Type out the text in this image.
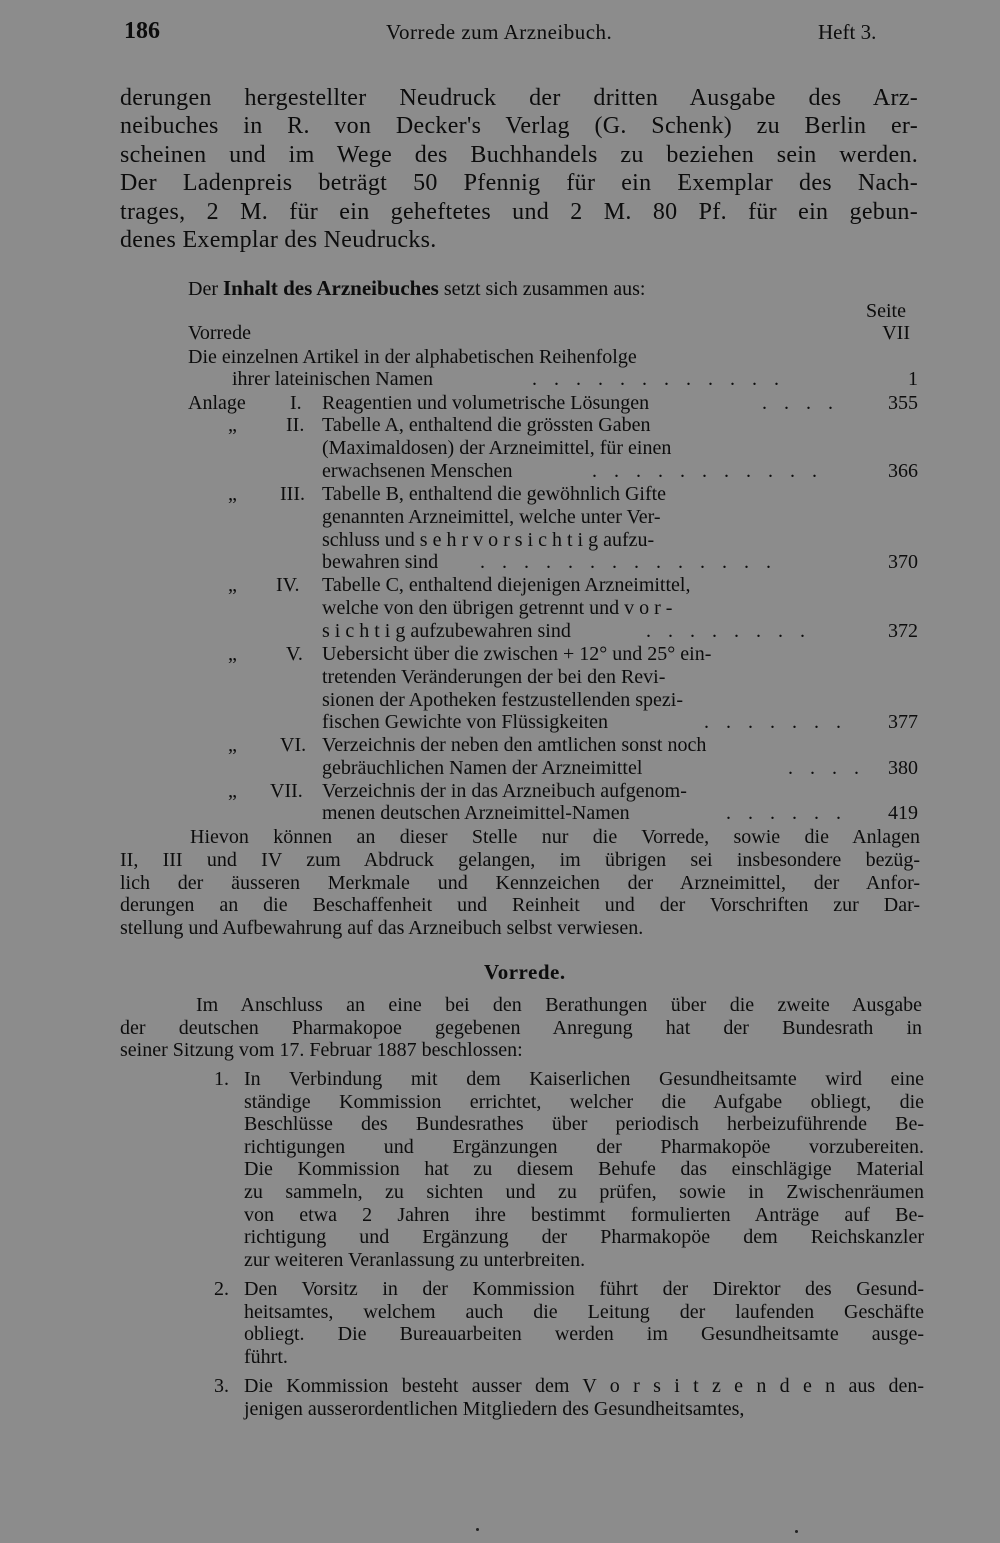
186	Vorrede zum Arzneibuch.	Heft 3.
derungen hergestellter Neudruck der dritten Ausgabe des Arz-
neibuches in R. von Decker's Verlag (G. Schenk) zu Berlin er-
scheinen und im Wege des Buchhandels zu beziehen sein werden.
Der Ladenpreis beträgt 50 Pfennig für ein Exemplar des Nach-
trages, 2 M. für ein geheftetes und 2 M. 80 Pf. für ein gebun-
denes Exemplar des Neudrucks.
Der Inhalt des Arzneibuches setzt sich zusammen aus:
Seite
Vorrede	VII
Die einzelnen Artikel in der alphabetischen Reihenfolge
ihrer lateinischen Namen	. . . . . . . . . . . .	1
Anlage I. Reagentien und volumetrische Lösungen	. . . .	355
„ II. Tabelle A, enthaltend die grössten Gaben
(Maximaldosen) der Arzneimittel, für einen
erwachsenen Menschen	. . . . . . . . . . .	366
„ III. Tabelle B, enthaltend die gewöhnlich Gifte
genannten Arzneimittel, welche unter Ver-
schluss und s e h r v o r s i c h t i g aufzu-
bewahren sind . . . . . . . . . . . . . .	370
„ IV. Tabelle C, enthaltend diejenigen Arzneimittel,
welche von den übrigen getrennt und v o r -
s i c h t i g aufzubewahren sind	. . . . . . . .	372
„ V. Uebersicht über die zwischen + 12° und 25° ein-
tretenden Veränderungen der bei den Revi-
sionen der Apotheken festzustellenden spezi-
fischen Gewichte von Flüssigkeiten	. . . . . . .	377
„ VI. Verzeichnis der neben den amtlichen sonst noch
gebräuchlichen Namen der Arzneimittel	. . . .	380
„ VII. Verzeichnis der in das Arzneibuch aufgenom-
menen deutschen Arzneimittel-Namen	. . . . . .	419
Hievon können an dieser Stelle nur die Vorrede, sowie die Anlagen
II, III und IV zum Abdruck gelangen, im übrigen sei insbesondere bezüg-
lich der äusseren Merkmale und Kennzeichen der Arzneimittel, der Anfor-
derungen an die Beschaffenheit und Reinheit und der Vorschriften zur Dar-
stellung und Aufbewahrung auf das Arzneibuch selbst verwiesen.
Vorrede.
Im Anschluss an eine bei den Berathungen über die zweite Ausgabe
der deutschen Pharmakopoe gegebenen Anregung hat der Bundesrath in
seiner Sitzung vom 17. Februar 1887 beschlossen:
1. In Verbindung mit dem Kaiserlichen Gesundheitsamte wird eine
ständige Kommission errichtet, welcher die Aufgabe obliegt, die
Beschlüsse des Bundesrathes über periodisch herbeizuführende Be-
richtigungen und Ergänzungen der Pharmakopöe vorzubereiten.
Die Kommission hat zu diesem Behufe das einschlägige Material
zu sammeln, zu sichten und zu prüfen, sowie in Zwischenräumen
von etwa 2 Jahren ihre bestimmt formulierten Anträge auf Be-
richtigung und Ergänzung der Pharmakopöe dem Reichskanzler
zur weiteren Veranlassung zu unterbreiten.
2. Den Vorsitz in der Kommission führt der Direktor des Gesund-
heitsamtes, welchem auch die Leitung der laufenden Geschäfte
obliegt. Die Bureauarbeiten werden im Gesundheitsamte ausge-
führt.
3. Die Kommission besteht ausser dem V o r s i t z e n d e n aus den-
jenigen ausserordentlichen Mitgliedern des Gesundheitsamtes,
